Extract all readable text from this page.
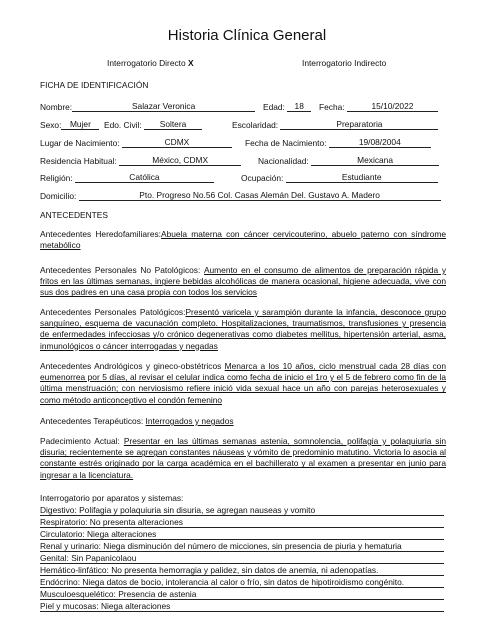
Historia Clínica General
Interrogatorio Directo X	Interrogatorio Indirecto
FICHA DE IDENTIFICACIÓN
Nombre:	Salazar Veronica	Edad: 18	Fecha:	15/10/2022
Sexo: Mujer	Edo. Civil: Soltera	Escolaridad:	Preparatoria
Lugar de Nacimiento:	CDMX	Fecha de Nacimiento:	19/08/2004
Residencia Habitual:	México, CDMX	Nacionalidad:	Mexicana
Religión:	Católica	Ocupación:	Estudiante
Domicilio:	Pto. Progreso No.56 Col. Casas Alemán Del. Gustavo A. Madero
ANTECEDENTES
Antecedentes Heredofamiliares:Abuela materna con cáncer cervicouterino, abuelo paterno con síndrome metabólico
Antecedentes Personales No Patológicos: Aumento en el consumo de alimentos de preparación rápida y fritos en las últimas semanas, ingiere bebidas alcohólicas de manera ocasional, higiene adecuada, vive con sus dos padres en una casa propia con todos los servicios
Antecedentes Personales Patológicos:Presentó varicela y sarampión durante la infancia, desconoce grupo sanguíneo, esquema de vacunación completo. Hospitalizaciones, traumatismos, transfusiones y presencia de enfermedades infecciosas y/o crónico degenerativas como diabetes mellitus, hipertensión arterial, asma, inmunológicos o cáncer interrogadas y negadas
Antecedentes Andrológicos y gineco-obstétricos Menarca a los 10 años, ciclo menstrual cada 28 días con eumenorrea por 5 días, al revisar el celular indica como fecha de inicio el 1ro y el 5 de febrero como fin de la última menstruación; con nerviosismo refiere inició vida sexual hace un año con parejas heterosexuales y como método anticonceptivo el condón femenino
Antecedentes Terapéuticos: Interrogados y negados
Padecimiento Actual: Presentar en las últimas semanas astenia, somnolencia, polifagia y polaquiuria sin disuria; recientemente se agregan constantes náuseas y vómito de predominio matutino. Victoria lo asocia al constante estrés originado por la carga académica en el bachillerato y al examen a presentar en junio para ingresar a la licenciatura.
Interrogatorio por aparatos y sistemas:
Digestivo: Polifagia y polaquiuria sin disuria, se agregan nauseas y vomito
Respiratorio: No presenta alteraciones
Circulatorio: Niega alteraciones
Renal y urinario: Niega disminución del número de micciones, sin presencia de piuria y hematuria
Genital: Sin Papanicolaou
Hemático-linfático: No presenta hemorragia y palidez, sin datos de anemia, ni adenopatías.
Endócrino: Niega datos de bocio, intolerancia al calor o frío, sin datos de hipotiroidismo congénito.
Musculoesquelético: Presencia de astenia
Piel y mucosas: Niega alteraciones
